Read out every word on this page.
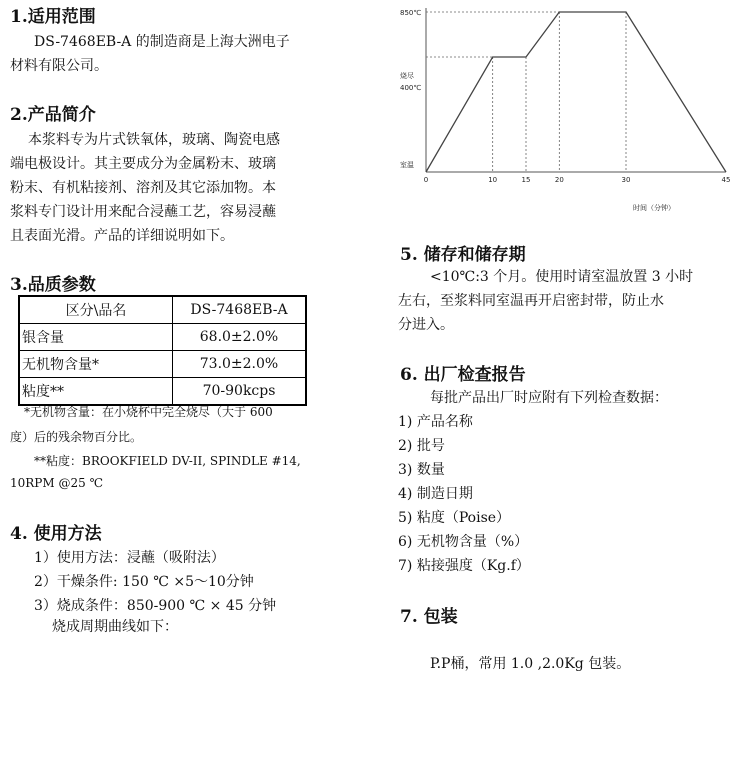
1.适用范围
DS-7468EB-A 的制造商是上海大洲电子
材料有限公司。
2.产品简介
本浆料专为片式铁氧体，玻璃、陶瓷电感
端电极设计。其主要成分为金属粉末、玻璃
粉末、有机粘接剂、溶剂及其它添加物。本
浆料专门设计用来配合浸蘸工艺，容易浸蘸
且表面光滑。产品的详细说明如下。
3.品质参数
区分\品名	DS-7468EB-A
银含量	68.0±2.0%
无机物含量*	73.0±2.0%
粘度**	70-90kcps
*无机物含量：在小烧杯中完全烧尽（大于 600
度）后的残余物百分比。
**粘度：BROOKFIELD DV-II, SPINDLE #14,
10RPM @25 ℃
4. 使用方法
1）使用方法：浸蘸（吸附法）
2）干燥条件: 150 ℃ ×5～10分钟
3）烧成条件：850-900 ℃ × 45 分钟
烧成周期曲线如下：
850℃
烧尽
400℃
室温
0	10	15	20	30	45
时间（分钟）
5. 储存和储存期
<10℃:3 个月。使用时请室温放置 3 小时
左右，至浆料同室温再开启密封带，防止水
分进入。
6. 出厂检查报告
每批产品出厂时应附有下列检查数据：
1) 产品名称
2) 批号
3) 数量
4) 制造日期
5) 粘度（Poise）
6) 无机物含量（%）
7) 粘接强度（Kg.f）
7. 包装
P.P桶，常用 1.0 ,2.0Kg 包装。
